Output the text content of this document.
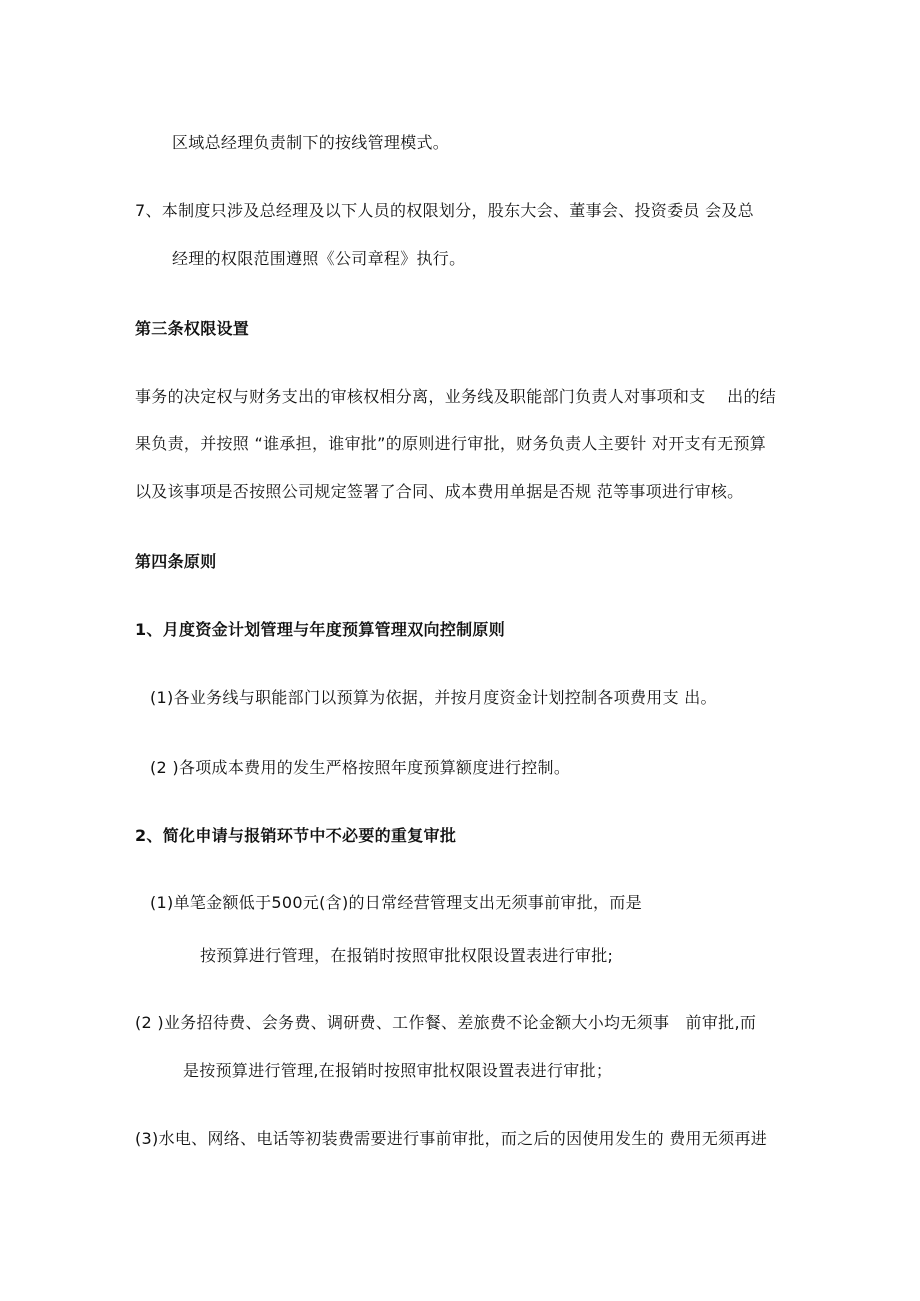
区域总经理负责制下的按线管理模式。
7、本制度只涉及总经理及以下人员的权限划分，股东大会、董事会、投资委员 会及总
经理的权限范围遵照《公司章程》执行。
第三条权限设置
事务的决定权与财务支出的审核权相分离，业务线及职能部门负责人对事项和支　 出的结
果负责，并按照 “谁承担，谁审批”的原则进行审批，财务负责人主要针 对开支有无预算
以及该事项是否按照公司规定签署了合同、成本费用单据是否规 范等事项进行审核。
第四条原则
1、月度资金计划管理与年度预算管理双向控制原则
(1)各业务线与职能部门以预算为依据，并按月度资金计划控制各项费用支 出。
(2 )各项成本费用的发生严格按照年度预算额度进行控制。
2、简化申请与报销环节中不必要的重复审批
(1)单笔金额低于500元(含)的日常经营管理支出无须事前审批，而是
按预算进行管理，在报销时按照审批权限设置表进行审批;
(2 )业务招待费、会务费、调研费、工作餐、差旅费不论金额大小均无须事　前审批,而
是按预算进行管理,在报销时按照审批权限设置表进行审批；
(3)水电、网络、电话等初装费需要进行事前审批，而之后的因使用发生的 费用无须再进
